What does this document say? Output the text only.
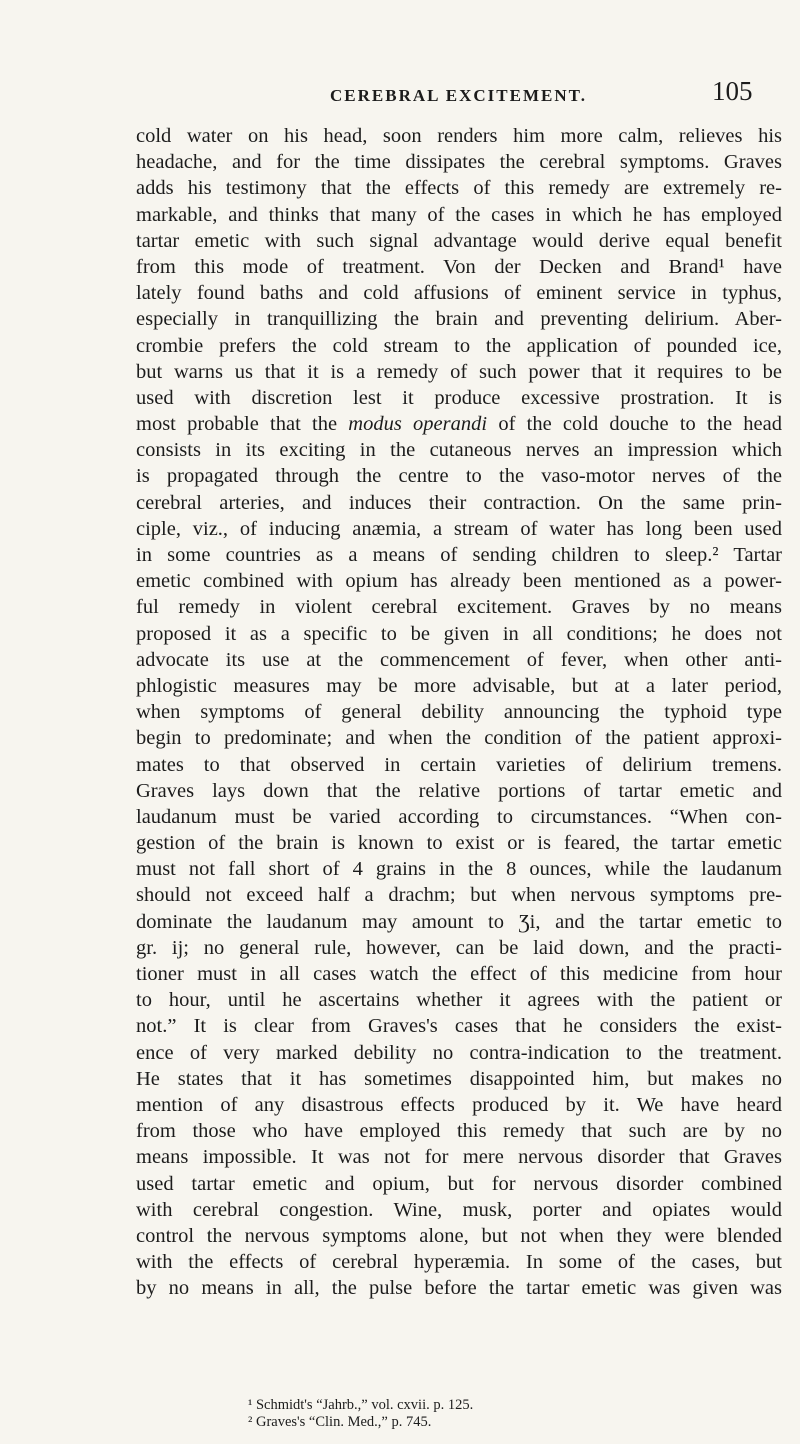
CEREBRAL EXCITEMENT.	105
cold water on his head, soon renders him more calm, relieves his
headache, and for the time dissipates the cerebral symptoms. Graves
adds his testimony that the effects of this remedy are extremely re-
markable, and thinks that many of the cases in which he has employed
tartar emetic with such signal advantage would derive equal benefit
from this mode of treatment. Von der Decken and Brand¹ have
lately found baths and cold affusions of eminent service in typhus,
especially in tranquillizing the brain and preventing delirium. Aber-
crombie prefers the cold stream to the application of pounded ice,
but warns us that it is a remedy of such power that it requires to be
used with discretion lest it produce excessive prostration. It is
most probable that the modus operandi of the cold douche to the head
consists in its exciting in the cutaneous nerves an impression which
is propagated through the centre to the vaso-motor nerves of the
cerebral arteries, and induces their contraction. On the same prin-
ciple, viz., of inducing anæmia, a stream of water has long been used
in some countries as a means of sending children to sleep.² Tartar
emetic combined with opium has already been mentioned as a power-
ful remedy in violent cerebral excitement. Graves by no means
proposed it as a specific to be given in all conditions; he does not
advocate its use at the commencement of fever, when other anti-
phlogistic measures may be more advisable, but at a later period,
when symptoms of general debility announcing the typhoid type
begin to predominate; and when the condition of the patient approxi-
mates to that observed in certain varieties of delirium tremens.
Graves lays down that the relative portions of tartar emetic and
laudanum must be varied according to circumstances. “When con-
gestion of the brain is known to exist or is feared, the tartar emetic
must not fall short of 4 grains in the 8 ounces, while the laudanum
should not exceed half a drachm; but when nervous symptoms pre-
dominate the laudanum may amount to Ʒi, and the tartar emetic to
gr. ij; no general rule, however, can be laid down, and the practi-
tioner must in all cases watch the effect of this medicine from hour
to hour, until he ascertains whether it agrees with the patient or
not.” It is clear from Graves's cases that he considers the exist-
ence of very marked debility no contra-indication to the treatment.
He states that it has sometimes disappointed him, but makes no
mention of any disastrous effects produced by it. We have heard
from those who have employed this remedy that such are by no
means impossible. It was not for mere nervous disorder that Graves
used tartar emetic and opium, but for nervous disorder combined
with cerebral congestion. Wine, musk, porter and opiates would
control the nervous symptoms alone, but not when they were blended
with the effects of cerebral hyperæmia. In some of the cases, but
by no means in all, the pulse before the tartar emetic was given was
¹ Schmidt's “Jahrb.,” vol. cxvii. p. 125.
² Graves's “Clin. Med.,” p. 745.
